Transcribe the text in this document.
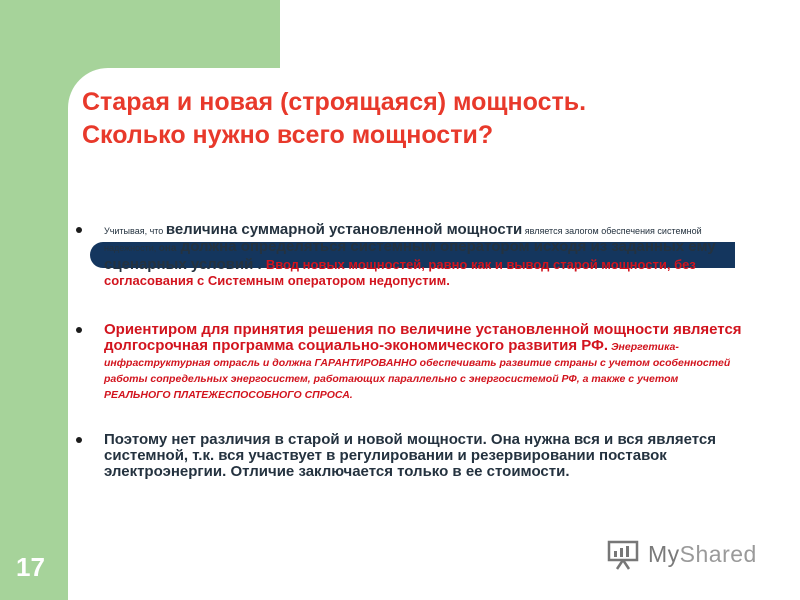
Старая и новая (строящаяся) мощность.
Сколько нужно всего мощности?
Учитывая, что величина суммарной установленной мощности является залогом обеспечения системной надежности, она должна определяться системным оператором исходя из заданных ему сценарных условий . Ввод новых мощностей, равно как и вывод старой мощности, без согласования с Системным оператором недопустим.
Ориентиром для принятия решения по величине установленной мощности является долгосрочная программа социально-экономического развития РФ. Энергетика- инфраструктурная отрасль и должна ГАРАНТИРОВАННО обеспечивать развитие страны с учетом особенностей работы сопредельных энергосистем, работающих параллельно с энергосистемой РФ, а также с учетом РЕАЛЬНОГО ПЛАТЕЖЕСПОСОБНОГО СПРОСА.
Поэтому нет различия в старой и новой мощности. Она нужна вся и вся является системной, т.к. вся участвует в регулировании и резервировании поставок электроэнергии. Отличие заключается только в ее стоимости.
17	MyShared
